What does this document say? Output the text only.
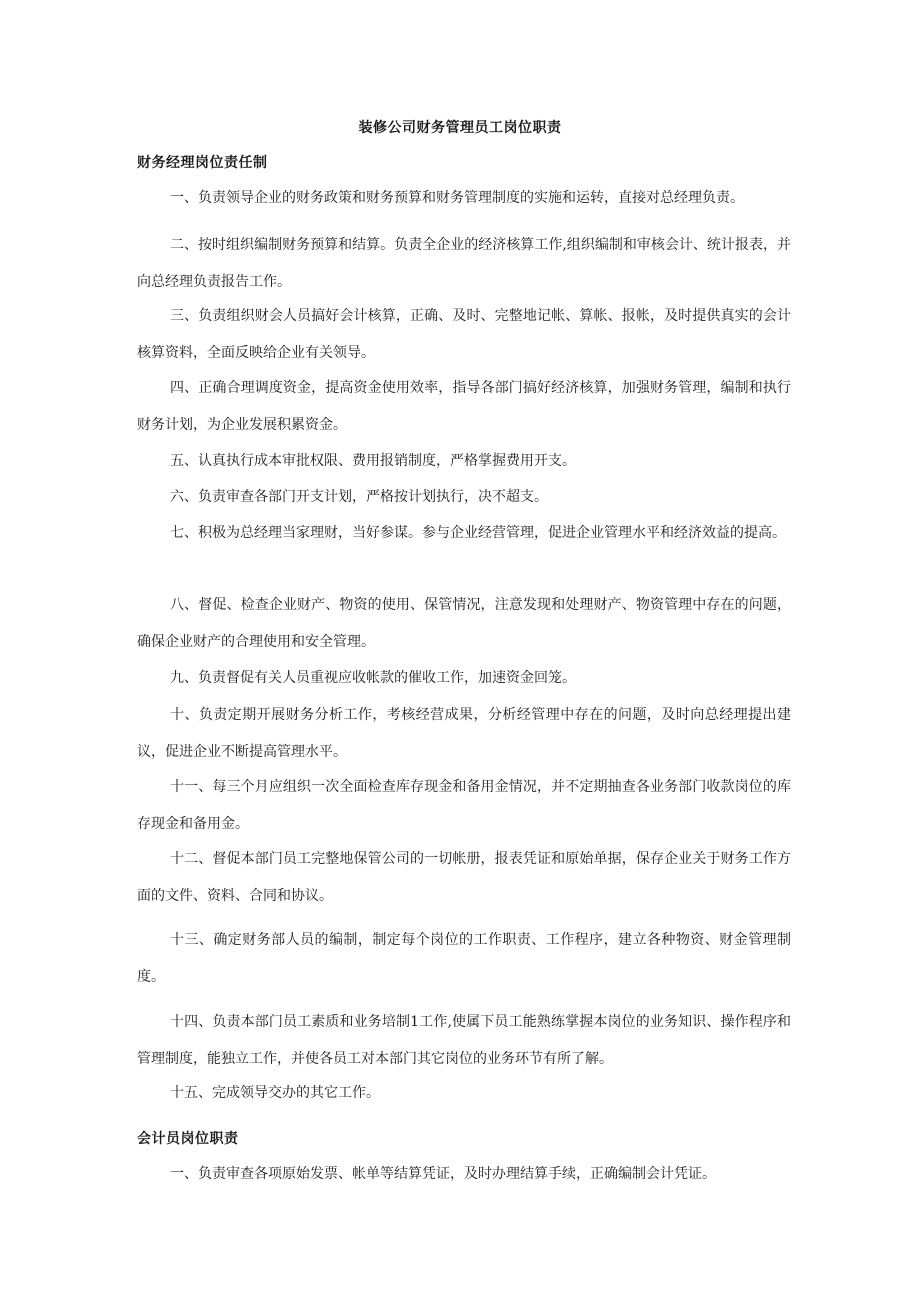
装修公司财务管理员工岗位职责
财务经理岗位责任制

一、负责领导企业的财务政策和财务预算和财务管理制度的实施和运转，直接对总经理负责。

二、按时组织编制财务预算和结算。负责全企业的经济核算工作,组织编制和审核会计、统计报表，并向总经理负责报告工作。

三、负责组织财会人员搞好会计核算，正确、及时、完整地记帐、算帐、报帐，及时提供真实的会计核算资料，全面反映给企业有关领导。

四、正确合理调度资金，提高资金使用效率，指导各部门搞好经济核算，加强财务管理，编制和执行财务计划，为企业发展积累资金。

五、认真执行成本审批权限、费用报销制度，严格掌握费用开支。

六、负责审查各部门开支计划，严格按计划执行，决不超支。

七、积极为总经理当家理财，当好参谋。参与企业经营管理，促进企业管理水平和经济效益的提高。

八、督促、检查企业财产、物资的使用、保管情况，注意发现和处理财产、物资管理中存在的问题，确保企业财产的合理使用和安全管理。

九、负责督促有关人员重视应收帐款的催收工作，加速资金回笼。

十、负责定期开展财务分析工作，考核经营成果，分析经管理中存在的问题，及时向总经理提出建议，促进企业不断提高管理水平。

十一、每三个月应组织一次全面检查库存现金和备用金情况，并不定期抽查各业务部门收款岗位的库存现金和备用金。

十二、督促本部门员工完整地保管公司的一切帐册，报表凭证和原始单据，保存企业关于财务工作方面的文件、资料、合同和协议。

十三、确定财务部人员的编制，制定每个岗位的工作职责、工作程序，建立各种物资、财金管理制度。

十四、负责本部门员工素质和业务培制1工作,使属下员工能熟练掌握本岗位的业务知识、操作程序和管理制度，能独立工作，并使各员工对本部门其它岗位的业务环节有所了解。

十五、完成领导交办的其它工作。

会计员岗位职责

一、负责审查各项原始发票、帐单等结算凭证，及时办理结算手续，正确编制会计凭证。
